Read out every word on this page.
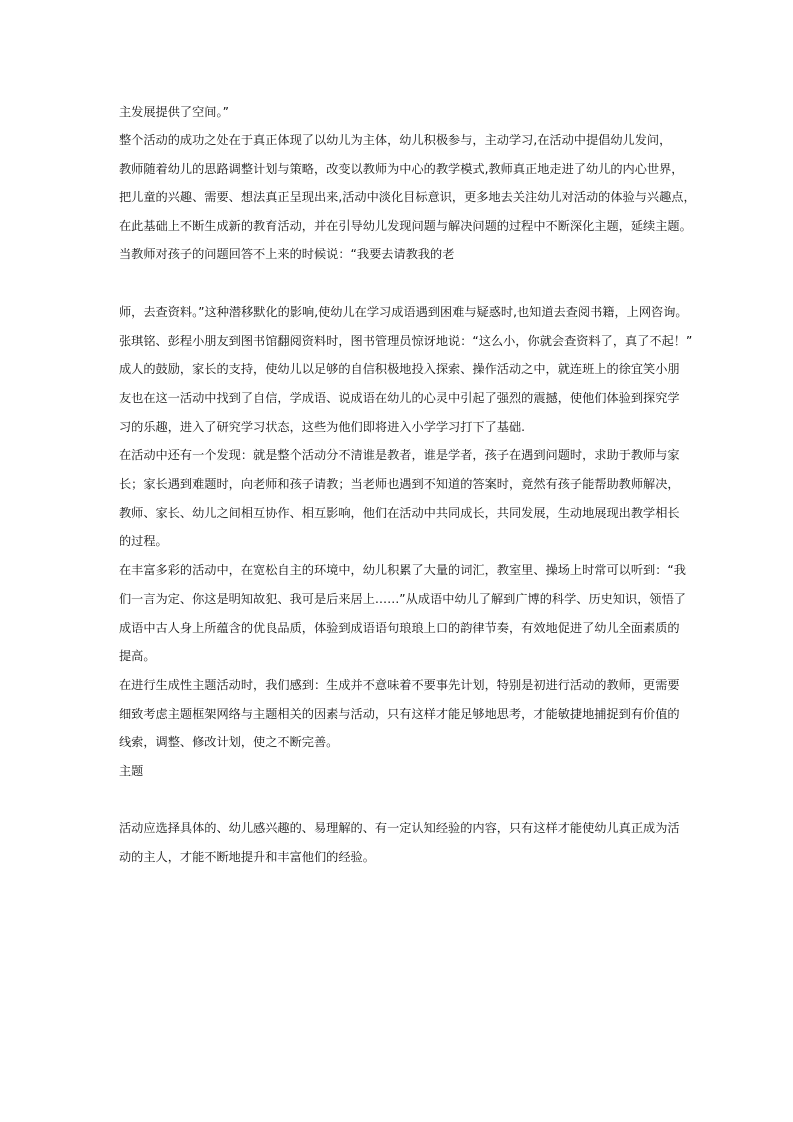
主发展提供了空间。”
整个活动的成功之处在于真正体现了以幼儿为主体，幼儿积极参与，主动学习,在活动中提倡幼儿发问，
教师随着幼儿的思路调整计划与策略，改变以教师为中心的教学模式,教师真正地走进了幼儿的内心世界，
把儿童的兴趣、需要、想法真正呈现出来,活动中淡化目标意识，更多地去关注幼儿对活动的体验与兴趣点，
在此基础上不断生成新的教育活动，并在引导幼儿发现问题与解决问题的过程中不断深化主题，延续主题。
当教师对孩子的问题回答不上来的时候说：“我要去请教我的老
师，去查资料。”这种潜移默化的影响,使幼儿在学习成语遇到困难与疑惑时,也知道去查阅书籍，上网咨询。
张琪铭、彭程小朋友到图书馆翻阅资料时，图书管理员惊讶地说：“这么小，你就会查资料了，真了不起！”
成人的鼓励，家长的支持，使幼儿以足够的自信积极地投入探索、操作活动之中，就连班上的徐宜笑小朋
友也在这一活动中找到了自信，学成语、说成语在幼儿的心灵中引起了强烈的震撼，使他们体验到探究学
习的乐趣，进入了研究学习状态，这些为他们即将进入小学学习打下了基础.
在活动中还有一个发现：就是整个活动分不清谁是教者，谁是学者，孩子在遇到问题时，求助于教师与家
长；家长遇到难题时，向老师和孩子请教；当老师也遇到不知道的答案时，竟然有孩子能帮助教师解决，
教师、家长、幼儿之间相互协作、相互影响，他们在活动中共同成长，共同发展，生动地展现出教学相长
的过程。
在丰富多彩的活动中，在宽松自主的环境中，幼儿积累了大量的词汇，教室里、操场上时常可以听到：“我
们一言为定、你这是明知故犯、我可是后来居上……”从成语中幼儿了解到广博的科学、历史知识，领悟了
成语中古人身上所蕴含的优良品质，体验到成语语句琅琅上口的韵律节奏，有效地促进了幼儿全面素质的
提高。
在进行生成性主题活动时，我们感到：生成并不意味着不要事先计划，特别是初进行活动的教师，更需要
细致考虑主题框架网络与主题相关的因素与活动，只有这样才能足够地思考，才能敏捷地捕捉到有价值的
线索，调整、修改计划，使之不断完善。
主题
活动应选择具体的、幼儿感兴趣的、易理解的、有一定认知经验的内容，只有这样才能使幼儿真正成为活
动的主人，才能不断地提升和丰富他们的经验。
